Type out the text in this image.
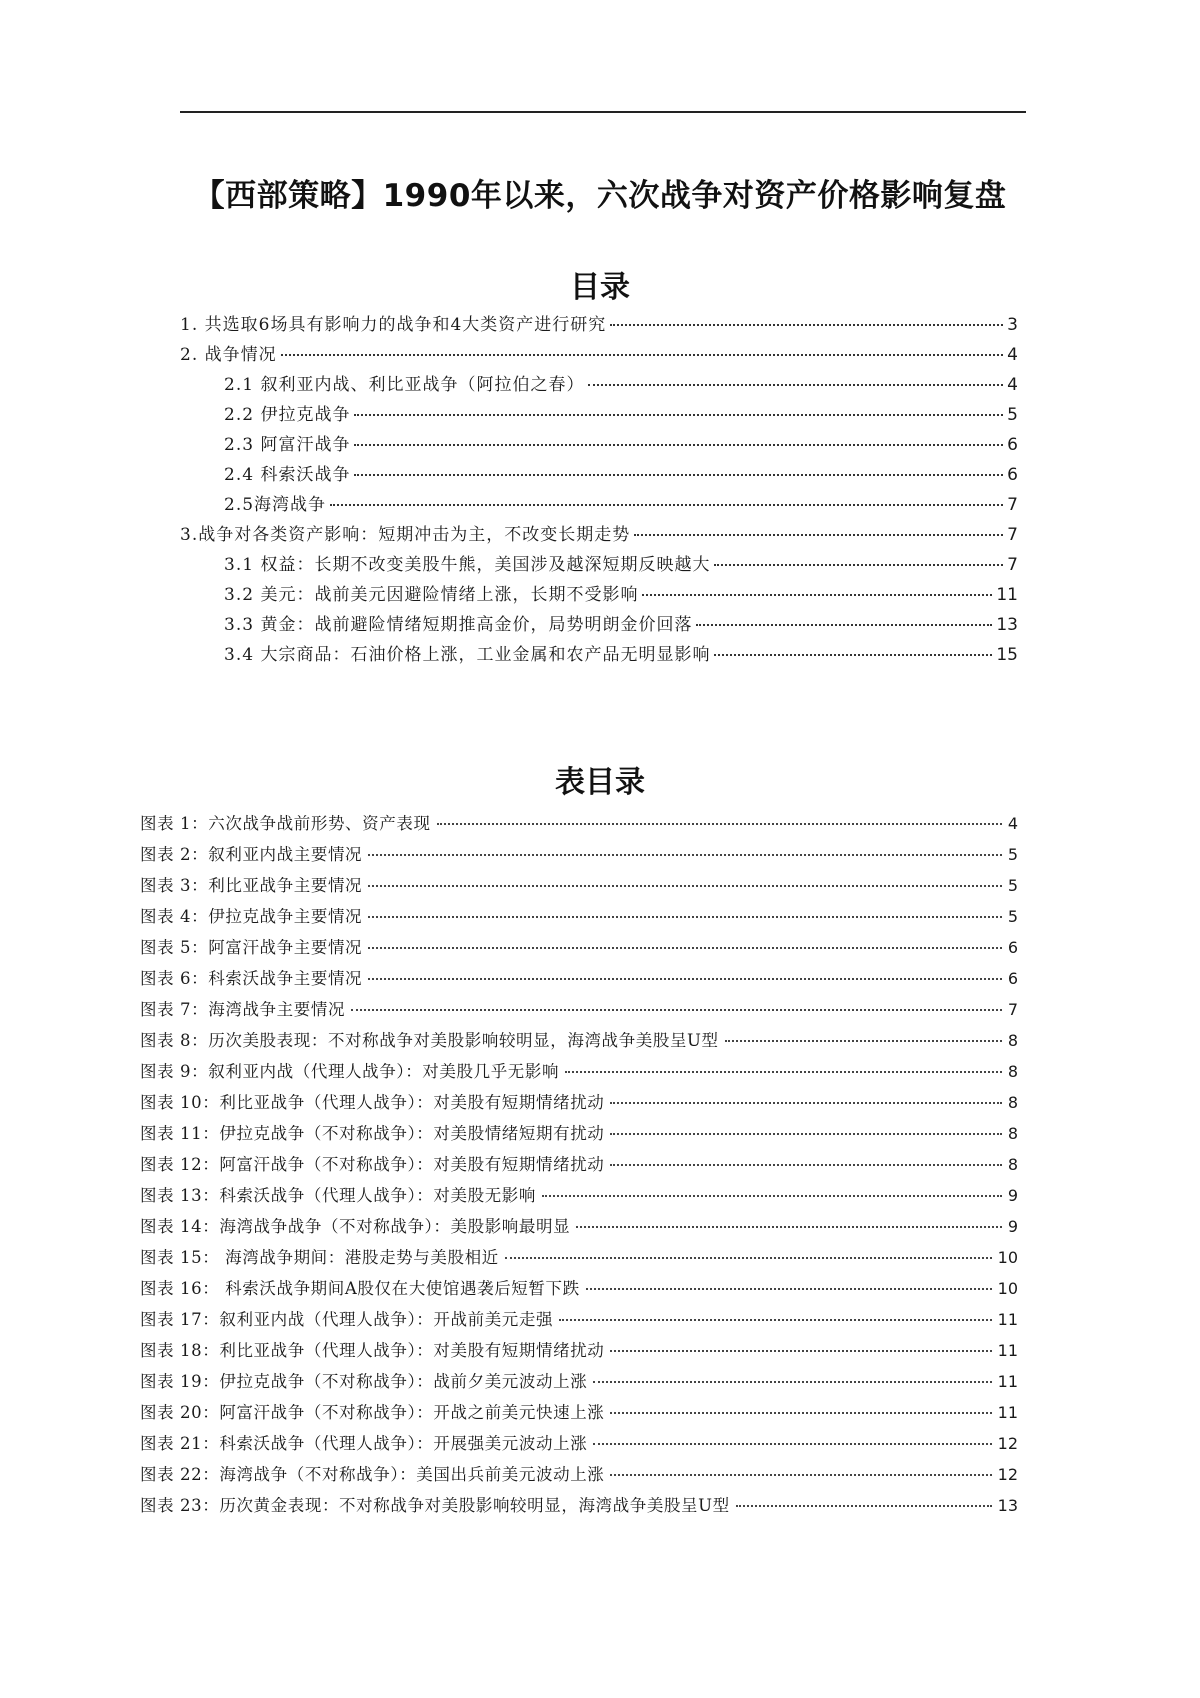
【西部策略】1990年以来，六次战争对资产价格影响复盘
目录
1. 共选取6场具有影响力的战争和4大类资产进行研究	3
2. 战争情况	4
2.1 叙利亚内战、利比亚战争（阿拉伯之春）	4
2.2 伊拉克战争	5
2.3 阿富汗战争	6
2.4 科索沃战争	6
2.5海湾战争	7
3.战争对各类资产影响：短期冲击为主，不改变长期走势	7
3.1 权益：长期不改变美股牛熊，美国涉及越深短期反映越大	7
3.2 美元：战前美元因避险情绪上涨，长期不受影响	11
3.3 黄金：战前避险情绪短期推高金价，局势明朗金价回落	13
3.4 大宗商品：石油价格上涨，工业金属和农产品无明显影响	15
表目录
图表 1：六次战争战前形势、资产表现	4
图表 2：叙利亚内战主要情况	5
图表 3：利比亚战争主要情况	5
图表 4：伊拉克战争主要情况	5
图表 5：阿富汗战争主要情况	6
图表 6：科索沃战争主要情况	6
图表 7：海湾战争主要情况	7
图表 8：历次美股表现：不对称战争对美股影响较明显，海湾战争美股呈U型	8
图表 9：叙利亚内战（代理人战争）：对美股几乎无影响	8
图表 10：利比亚战争（代理人战争）：对美股有短期情绪扰动	8
图表 11：伊拉克战争（不对称战争）：对美股情绪短期有扰动	8
图表 12：阿富汗战争（不对称战争）：对美股有短期情绪扰动	8
图表 13：科索沃战争（代理人战争）：对美股无影响	9
图表 14：海湾战争战争（不对称战争）：美股影响最明显	9
图表 15： 海湾战争期间：港股走势与美股相近	10
图表 16： 科索沃战争期间A股仅在大使馆遇袭后短暂下跌	10
图表 17：叙利亚内战（代理人战争）：开战前美元走强	11
图表 18：利比亚战争（代理人战争）：对美股有短期情绪扰动	11
图表 19：伊拉克战争（不对称战争）：战前夕美元波动上涨	11
图表 20：阿富汗战争（不对称战争）：开战之前美元快速上涨	11
图表 21：科索沃战争（代理人战争）：开展强美元波动上涨	12
图表 22：海湾战争（不对称战争）：美国出兵前美元波动上涨	12
图表 23：历次黄金表现：不对称战争对美股影响较明显，海湾战争美股呈U型	13
